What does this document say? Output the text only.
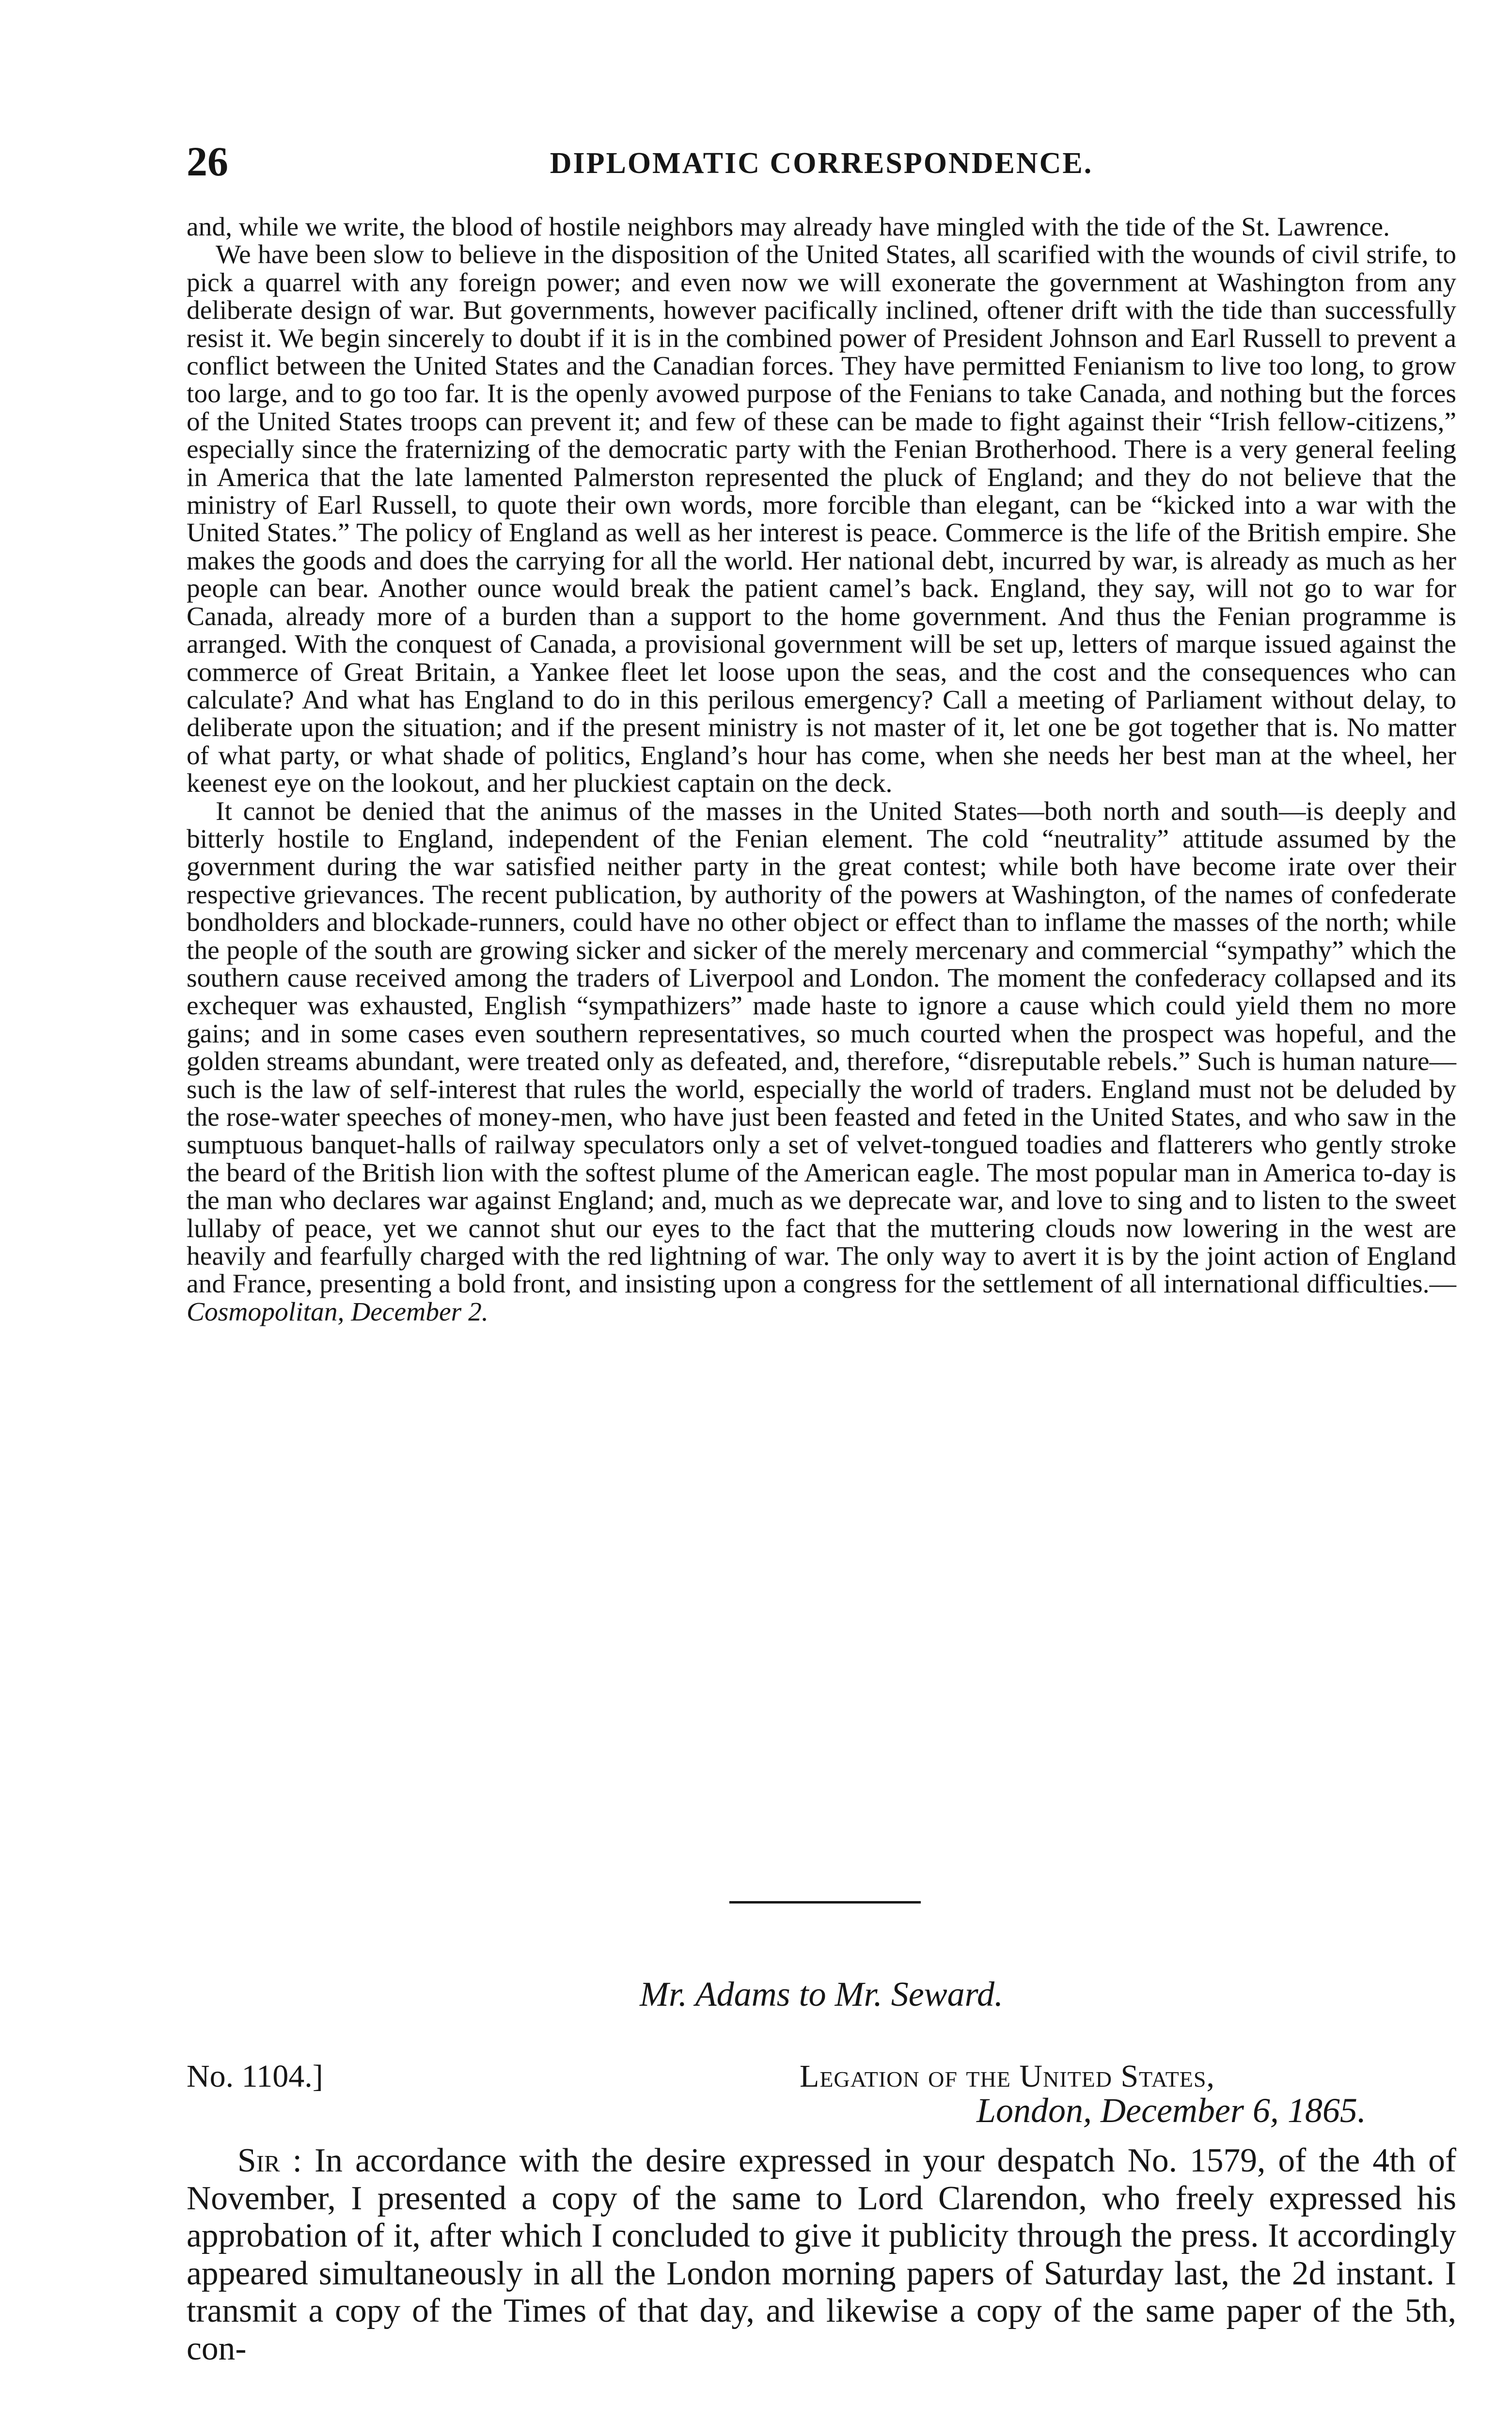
26	DIPLOMATIC CORRESPONDENCE.

and, while we write, the blood of hostile neighbors may already have mingled with the tide of the St. Lawrence.

We have been slow to believe in the disposition of the United States, all scarified with the wounds of civil strife, to pick a quarrel with any foreign power; and even now we will exonerate the government at Washington from any deliberate design of war. But governments, however pacifically inclined, oftener drift with the tide than successfully resist it. We begin sincerely to doubt if it is in the combined power of President Johnson and Earl Russell to prevent a conflict between the United States and the Canadian forces. They have permitted Fenianism to live too long, to grow too large, and to go too far. It is the openly avowed purpose of the Fenians to take Canada, and nothing but the forces of the United States troops can prevent it; and few of these can be made to fight against their “Irish fellow-citizens,” especially since the fraternizing of the democratic party with the Fenian Brotherhood. There is a very general feeling in America that the late lamented Palmerston represented the pluck of England; and they do not believe that the ministry of Earl Russell, to quote their own words, more forcible than elegant, can be “kicked into a war with the United States.” The policy of England as well as her interest is peace. Commerce is the life of the British empire. She makes the goods and does the carrying for all the world. Her national debt, incurred by war, is already as much as her people can bear. Another ounce would break the patient camel’s back. England, they say, will not go to war for Canada, already more of a burden than a support to the home government. And thus the Fenian programme is arranged. With the conquest of Canada, a provisional government will be set up, letters of marque issued against the commerce of Great Britain, a Yankee fleet let loose upon the seas, and the cost and the consequences who can calculate? And what has England to do in this perilous emergency? Call a meeting of Parliament without delay, to deliberate upon the situation; and if the present ministry is not master of it, let one be got together that is. No matter of what party, or what shade of politics, England’s hour has come, when she needs her best man at the wheel, her keenest eye on the lookout, and her pluckiest captain on the deck.

It cannot be denied that the animus of the masses in the United States—both north and south—is deeply and bitterly hostile to England, independent of the Fenian element. The cold “neutrality” attitude assumed by the government during the war satisfied neither party in the great contest; while both have become irate over their respective grievances. The recent publication, by authority of the powers at Washington, of the names of confederate bondholders and blockade-runners, could have no other object or effect than to inflame the masses of the north; while the people of the south are growing sicker and sicker of the merely mercenary and commercial “sympathy” which the southern cause received among the traders of Liverpool and London. The moment the confederacy collapsed and its exchequer was exhausted, English “sympathizers” made haste to ignore a cause which could yield them no more gains; and in some cases even southern representatives, so much courted when the prospect was hopeful, and the golden streams abundant, were treated only as defeated, and, therefore, “disreputable rebels.” Such is human nature—such is the law of self-interest that rules the world, especially the world of traders. England must not be deluded by the rose-water speeches of money-men, who have just been feasted and feted in the United States, and who saw in the sumptuous banquet-halls of railway speculators only a set of velvet-tongued toadies and flatterers who gently stroke the beard of the British lion with the softest plume of the American eagle. The most popular man in America to-day is the man who declares war against England; and, much as we deprecate war, and love to sing and to listen to the sweet lullaby of peace, yet we cannot shut our eyes to the fact that the muttering clouds now lowering in the west are heavily and fearfully charged with the red lightning of war. The only way to avert it is by the joint action of England and France, presenting a bold front, and insisting upon a congress for the settlement of all international difficulties.—Cosmopolitan, December 2.

Mr. Adams to Mr. Seward.
No. 1104.]	Legation of the United States,
London, December 6, 1865.

Sir : In accordance with the desire expressed in your despatch No. 1579, of the 4th of November, I presented a copy of the same to Lord Clarendon, who freely expressed his approbation of it, after which I concluded to give it publicity through the press. It accordingly appeared simultaneously in all the London morning papers of Saturday last, the 2d instant. I transmit a copy of the Times of that day, and likewise a copy of the same paper of the 5th, con-
